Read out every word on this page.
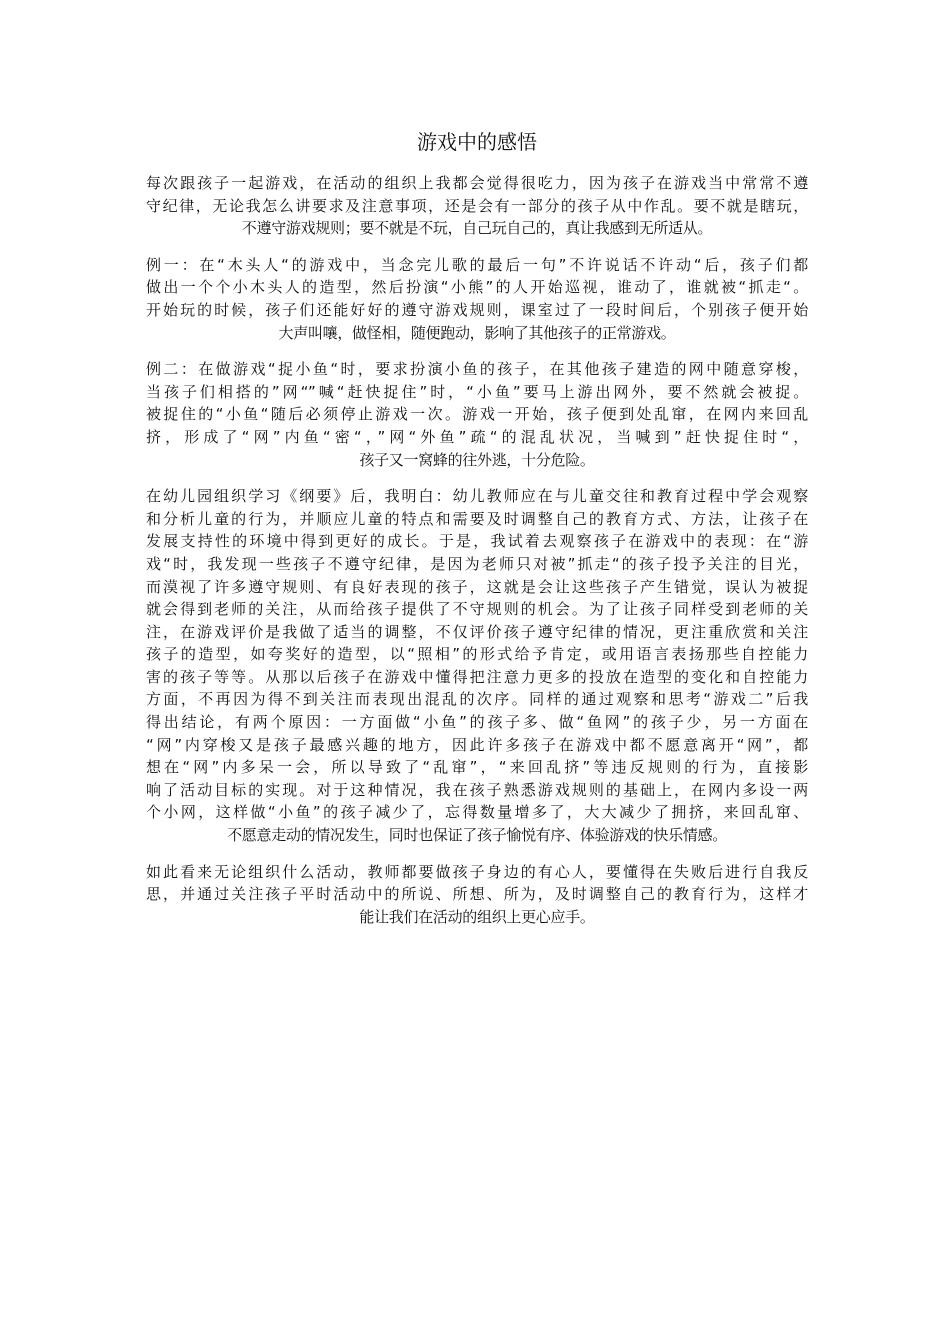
游戏中的感悟
每次跟孩子一起游戏，在活动的组织上我都会觉得很吃力，因为孩子在游戏当中常常不遵
守纪律，无论我怎么讲要求及注意事项，还是会有一部分的孩子从中作乱。要不就是瞎玩，
不遵守游戏规则；要不就是不玩，自己玩自己的，真让我感到无所适从。
例一：在“木头人“的游戏中，当念完儿歌的最后一句”不许说话不许动“后，孩子们都
做出一个个小木头人的造型，然后扮演“小熊”的人开始巡视，谁动了，谁就被“抓走“。
开始玩的时候，孩子们还能好好的遵守游戏规则，课室过了一段时间后，个别孩子便开始
大声叫嚷，做怪相，随便跑动，影响了其他孩子的正常游戏。
例二：在做游戏“捉小鱼“时，要求扮演小鱼的孩子，在其他孩子建造的网中随意穿梭，
当孩子们相搭的”网“”喊“赶快捉住”时，“小鱼”要马上游出网外，要不然就会被捉。
被捉住的“小鱼“随后必须停止游戏一次。游戏一开始，孩子便到处乱窜，在网内来回乱
挤，形成了“网”内鱼“密“，”网“外鱼”疏“的混乱状况，当喊到”赶快捉住时“，
孩子又一窝蜂的往外逃，十分危险。
在幼儿园组织学习《纲要》后，我明白：幼儿教师应在与儿童交往和教育过程中学会观察
和分析儿童的行为，并顺应儿童的特点和需要及时调整自己的教育方式、方法，让孩子在
发展支持性的环境中得到更好的成长。于是，我试着去观察孩子在游戏中的表现：在“游
戏“时，我发现一些孩子不遵守纪律，是因为老师只对被”抓走“的孩子投予关注的目光，
而漠视了许多遵守规则、有良好表现的孩子，这就是会让这些孩子产生错觉，误认为被捉
就会得到老师的关注，从而给孩子提供了不守规则的机会。为了让孩子同样受到老师的关
注，在游戏评价是我做了适当的调整，不仅评价孩子遵守纪律的情况，更注重欣赏和关注
孩子的造型，如夸奖好的造型，以“照相”的形式给予肯定，或用语言表扬那些自控能力
害的孩子等等。从那以后孩子在游戏中懂得把注意力更多的投放在造型的变化和自控能力
方面，不再因为得不到关注而表现出混乱的次序。同样的通过观察和思考“游戏二”后我
得出结论，有两个原因：一方面做“小鱼”的孩子多、做“鱼网”的孩子少，另一方面在
“网”内穿梭又是孩子最感兴趣的地方，因此许多孩子在游戏中都不愿意离开“网”，都
想在“网”内多呆一会，所以导致了“乱窜”，“来回乱挤”等违反规则的行为，直接影
响了活动目标的实现。对于这种情况，我在孩子熟悉游戏规则的基础上，在网内多设一两
个小网，这样做“小鱼”的孩子减少了，忘得数量增多了，大大减少了拥挤，来回乱窜、
不愿意走动的情况发生，同时也保证了孩子愉悦有序、体验游戏的快乐情感。
如此看来无论组织什么活动，教师都要做孩子身边的有心人，要懂得在失败后进行自我反
思，并通过关注孩子平时活动中的所说、所想、所为，及时调整自己的教育行为，这样才
能让我们在活动的组织上更心应手。
